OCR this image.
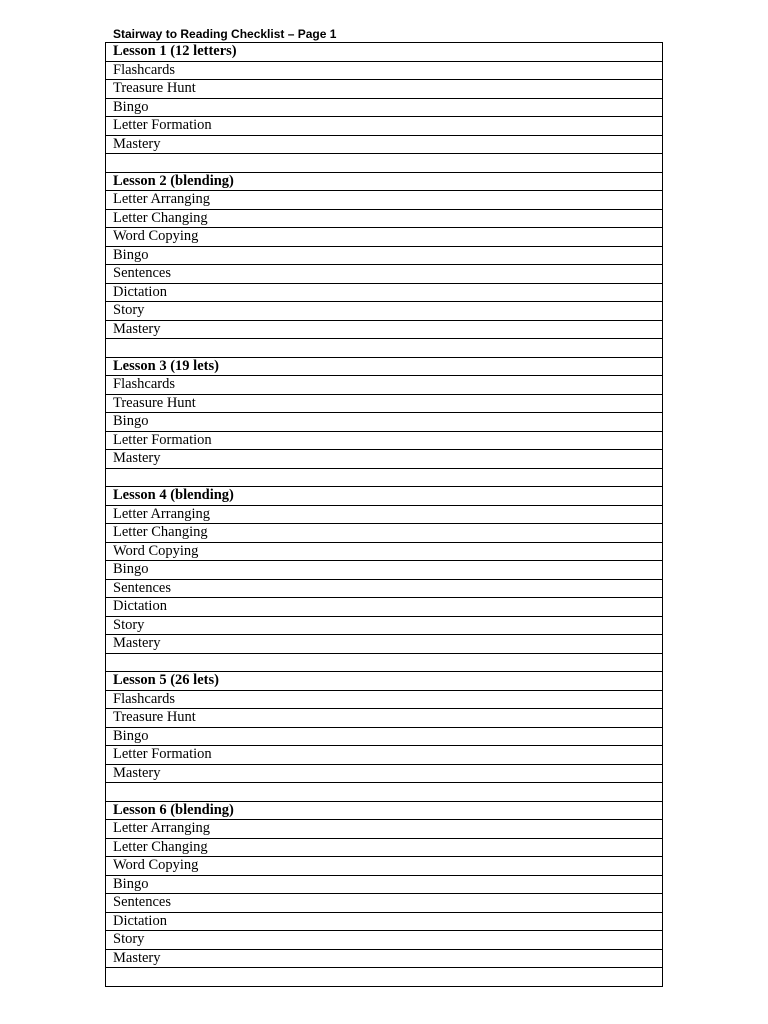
Stairway to Reading Checklist – Page 1
Lesson 1 (12 letters)
Flashcards
Treasure Hunt
Bingo
Letter Formation
Mastery
Lesson 2 (blending)
Letter Arranging
Letter Changing
Word Copying
Bingo
Sentences
Dictation
Story
Mastery
Lesson 3 (19 lets)
Flashcards
Treasure Hunt
Bingo
Letter Formation
Mastery
Lesson 4 (blending)
Letter Arranging
Letter Changing
Word Copying
Bingo
Sentences
Dictation
Story
Mastery
Lesson 5 (26 lets)
Flashcards
Treasure Hunt
Bingo
Letter Formation
Mastery
Lesson 6 (blending)
Letter Arranging
Letter Changing
Word Copying
Bingo
Sentences
Dictation
Story
Mastery
